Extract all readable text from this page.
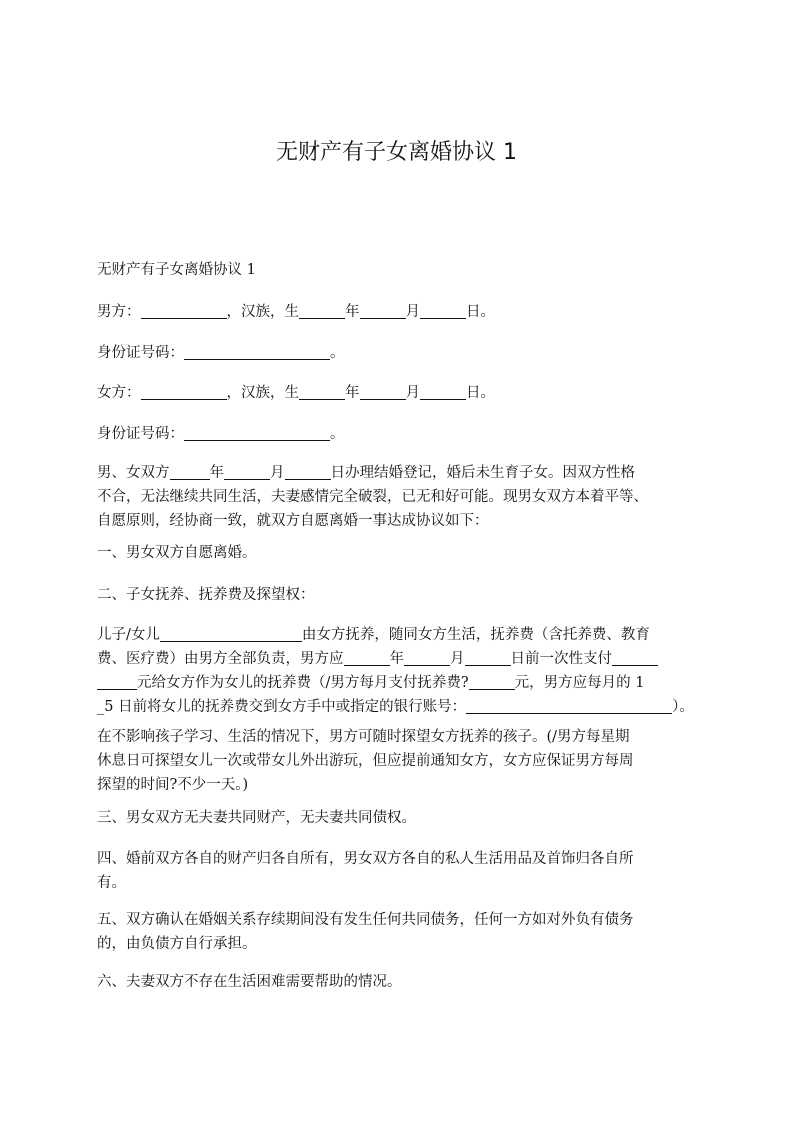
无财产有子女离婚协议 1
无财产有子女离婚协议 1
男方：	，汉族，生	年	月	日。
身份证号码：	。
女方：	，汉族，生	年	月	日。
身份证号码：	。
男、女双方	年	月	日办理结婚登记，婚后未生育子女。因双方性格
不合，无法继续共同生活，夫妻感情完全破裂，已无和好可能。现男女双方本着平等、
自愿原则，经协商一致，就双方自愿离婚一事达成协议如下：
一、男女双方自愿离婚。
二、子女抚养、抚养费及探望权：
儿子/女儿	由女方抚养，随同女方生活，抚养费（含托养费、教育
费、医疗费）由男方全部负责，男方应	年	月	日前一次性支付
元给女方作为女儿的抚养费（/男方每月支付抚养费?	元，男方应每月的 1
_5 日前将女儿的抚养费交到女方手中或指定的银行账号：	）。
在不影响孩子学习、生活的情况下，男方可随时探望女方抚养的孩子。(/男方每星期
休息日可探望女儿一次或带女儿外出游玩，但应提前通知女方，女方应保证男方每周
探望的时间?不少一天。)
三、男女双方无夫妻共同财产，无夫妻共同债权。
四、婚前双方各自的财产归各自所有，男女双方各自的私人生活用品及首饰归各自所
有。
五、双方确认在婚姻关系存续期间没有发生任何共同债务，任何一方如对外负有债务
的，由负债方自行承担。
六、夫妻双方不存在生活困难需要帮助的情况。
